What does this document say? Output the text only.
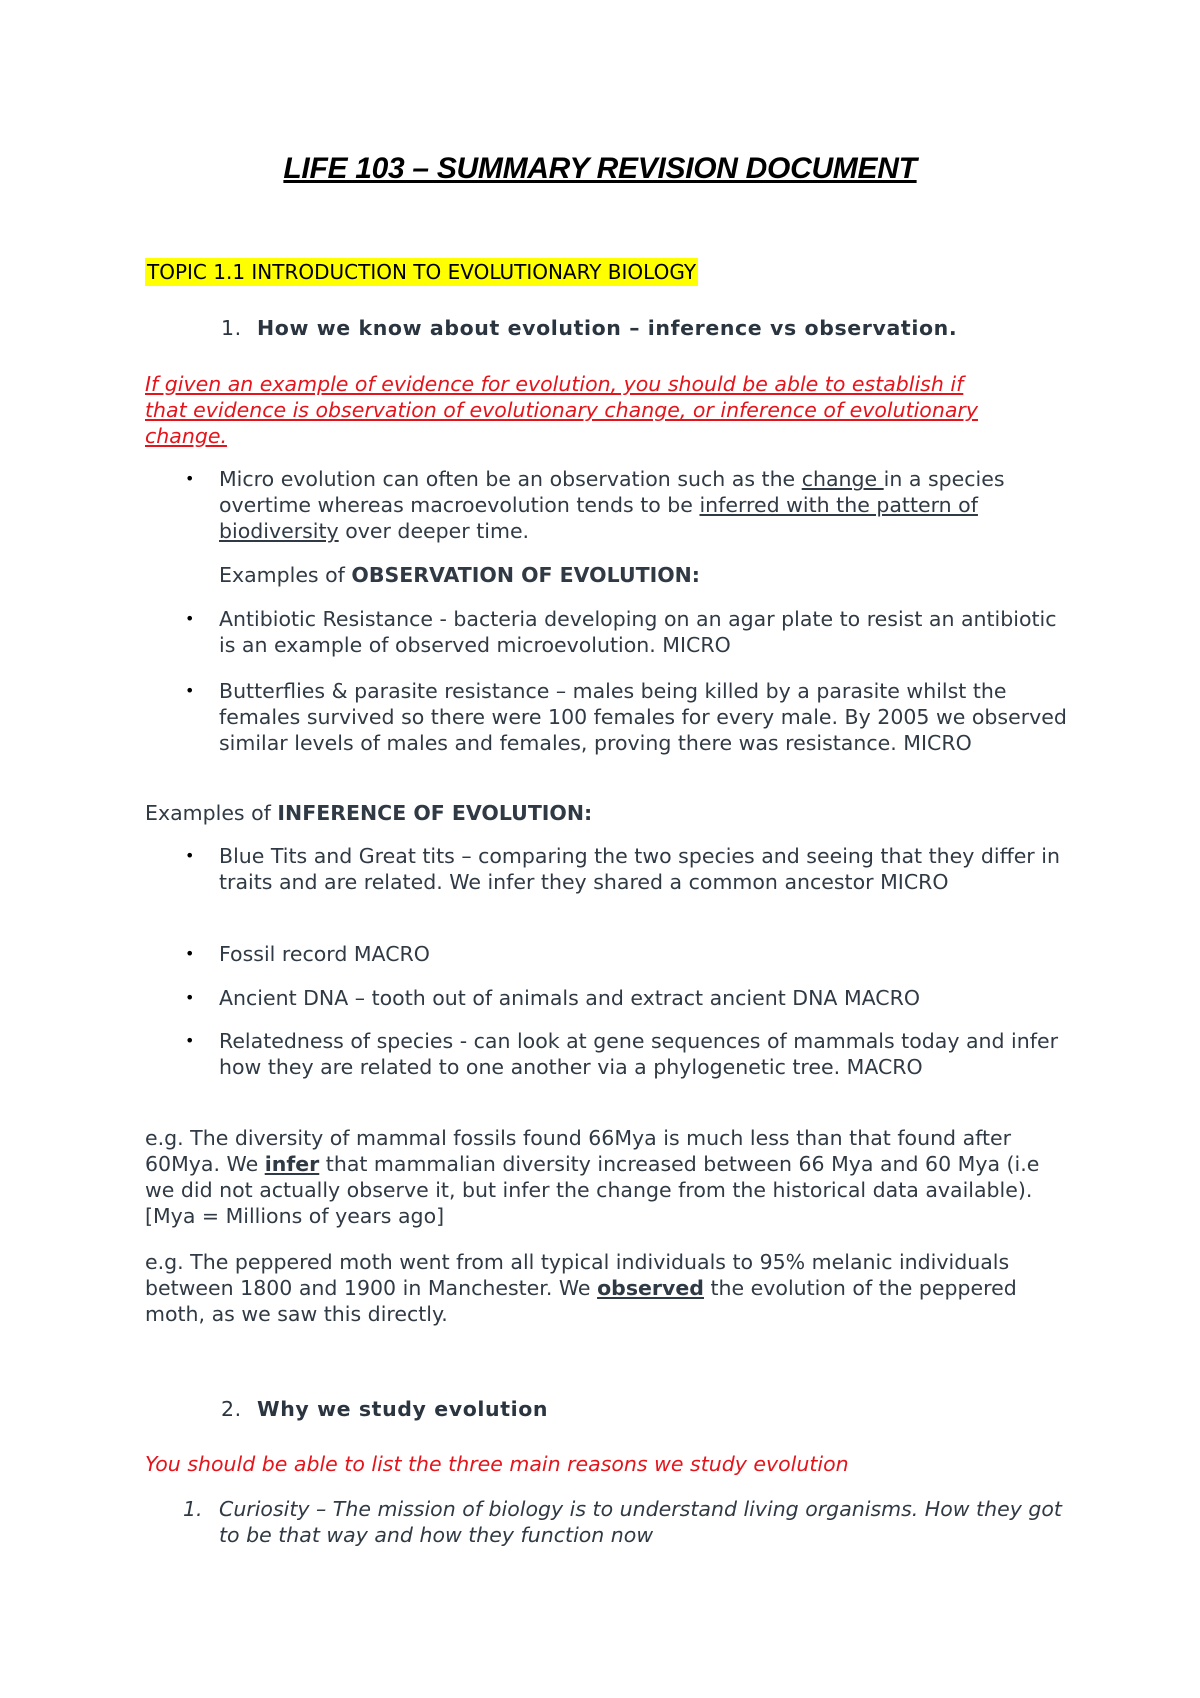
LIFE 103 – SUMMARY REVISION DOCUMENT
TOPIC 1.1 INTRODUCTION TO EVOLUTIONARY BIOLOGY
1. How we know about evolution – inference vs observation.
If given an example of evidence for evolution, you should be able to establish if
that evidence is observation of evolutionary change, or inference of evolutionary
change.
• Micro evolution can often be an observation such as the change in a species overtime whereas macroevolution tends to be inferred with the pattern of biodiversity over deeper time.
Examples of OBSERVATION OF EVOLUTION:
• Antibiotic Resistance - bacteria developing on an agar plate to resist an antibiotic is an example of observed microevolution. MICRO
• Butterflies & parasite resistance – males being killed by a parasite whilst the females survived so there were 100 females for every male. By 2005 we observed similar levels of males and females, proving there was resistance. MICRO
Examples of INFERENCE OF EVOLUTION:
• Blue Tits and Great tits – comparing the two species and seeing that they differ in traits and are related. We infer they shared a common ancestor MICRO
• Fossil record MACRO
• Ancient DNA – tooth out of animals and extract ancient DNA MACRO
• Relatedness of species - can look at gene sequences of mammals today and infer how they are related to one another via a phylogenetic tree. MACRO
e.g. The diversity of mammal fossils found 66Mya is much less than that found after 60Mya. We infer that mammalian diversity increased between 66 Mya and 60 Mya (i.e we did not actually observe it, but infer the change from the historical data available).[Mya = Millions of years ago]
e.g. The peppered moth went from all typical individuals to 95% melanic individuals between 1800 and 1900 in Manchester. We observed the evolution of the peppered moth, as we saw this directly.
2. Why we study evolution
You should be able to list the three main reasons we study evolution
1. Curiosity – The mission of biology is to understand living organisms. How they got to be that way and how they function now
